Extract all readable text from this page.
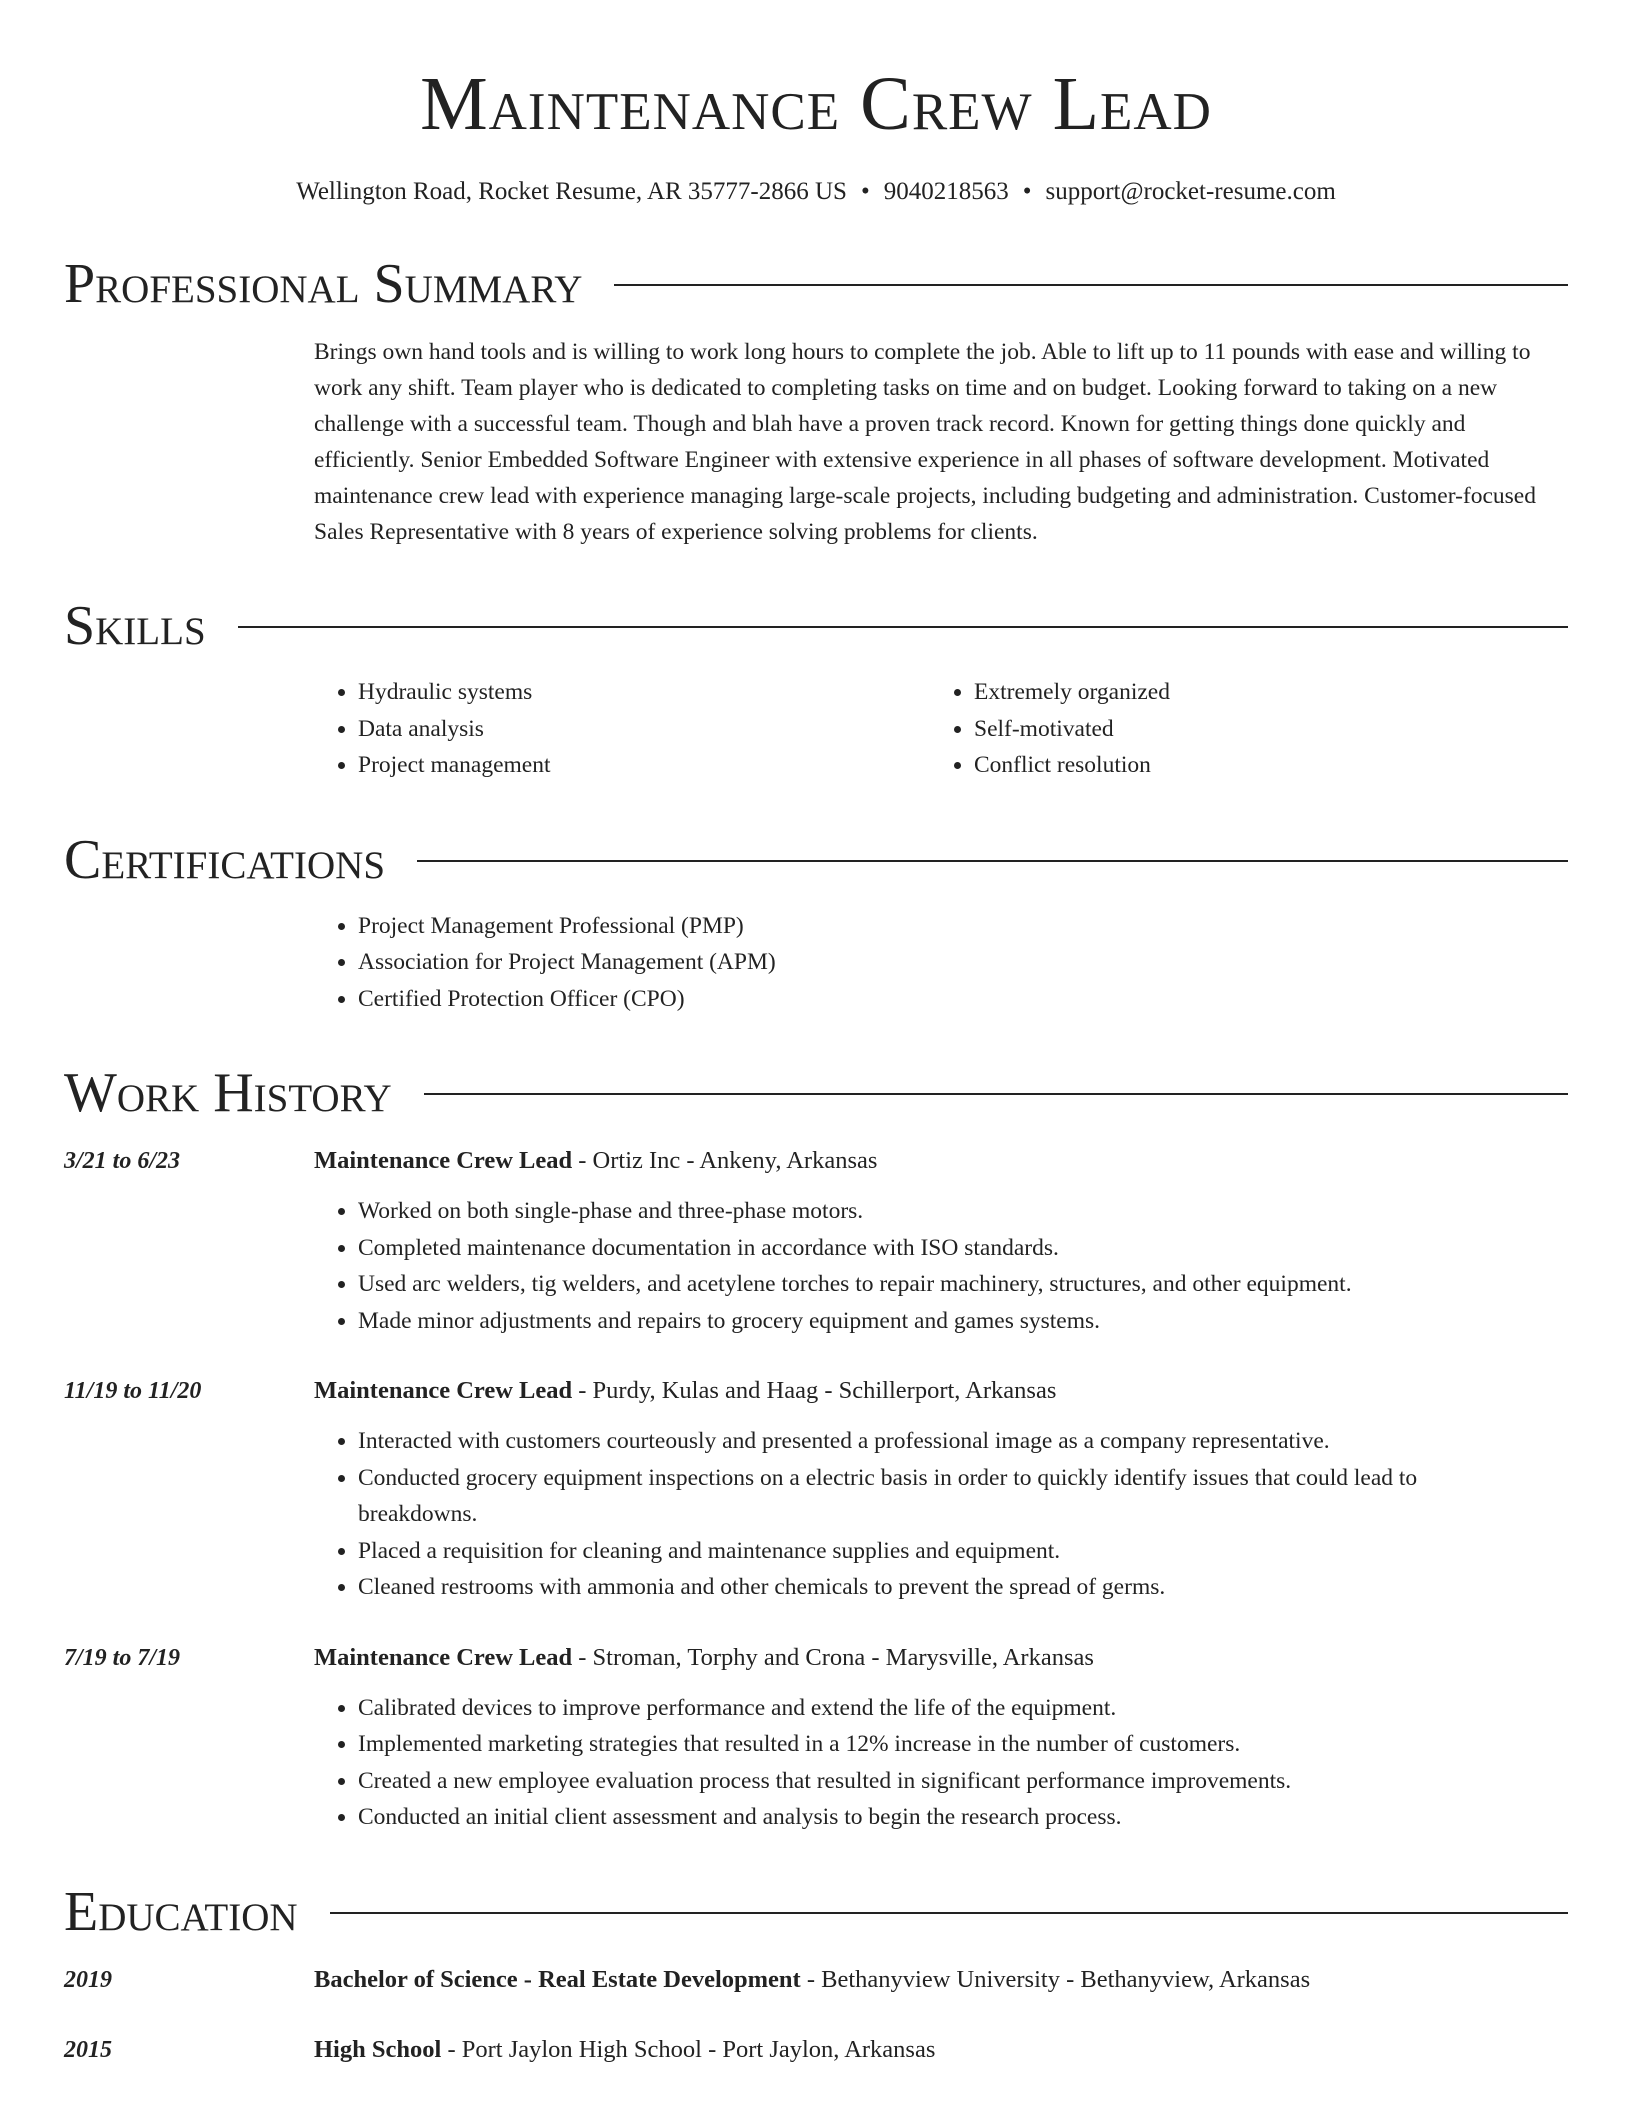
Maintenance Crew Lead
Wellington Road, Rocket Resume, AR 35777-2866 US • 9040218563 • support@rocket-resume.com
Professional Summary
Brings own hand tools and is willing to work long hours to complete the job. Able to lift up to 11 pounds with ease and willing to work any shift. Team player who is dedicated to completing tasks on time and on budget. Looking forward to taking on a new challenge with a successful team. Though and blah have a proven track record. Known for getting things done quickly and efficiently. Senior Embedded Software Engineer with extensive experience in all phases of software development. Motivated maintenance crew lead with experience managing large-scale projects, including budgeting and administration. Customer-focused Sales Representative with 8 years of experience solving problems for clients.
Skills
• Hydraulic systems
• Data analysis
• Project management
• Extremely organized
• Self-motivated
• Conflict resolution
Certifications
• Project Management Professional (PMP)
• Association for Project Management (APM)
• Certified Protection Officer (CPO)
Work History
3/21 to 6/23	Maintenance Crew Lead - Ortiz Inc - Ankeny, Arkansas
• Worked on both single-phase and three-phase motors.
• Completed maintenance documentation in accordance with ISO standards.
• Used arc welders, tig welders, and acetylene torches to repair machinery, structures, and other equipment.
• Made minor adjustments and repairs to grocery equipment and games systems.
11/19 to 11/20	Maintenance Crew Lead - Purdy, Kulas and Haag - Schillerport, Arkansas
• Interacted with customers courteously and presented a professional image as a company representative.
• Conducted grocery equipment inspections on a electric basis in order to quickly identify issues that could lead to breakdowns.
• Placed a requisition for cleaning and maintenance supplies and equipment.
• Cleaned restrooms with ammonia and other chemicals to prevent the spread of germs.
7/19 to 7/19	Maintenance Crew Lead - Stroman, Torphy and Crona - Marysville, Arkansas
• Calibrated devices to improve performance and extend the life of the equipment.
• Implemented marketing strategies that resulted in a 12% increase in the number of customers.
• Created a new employee evaluation process that resulted in significant performance improvements.
• Conducted an initial client assessment and analysis to begin the research process.
Education
2019	Bachelor of Science - Real Estate Development - Bethanyview University - Bethanyview, Arkansas
2015	High School - Port Jaylon High School - Port Jaylon, Arkansas
